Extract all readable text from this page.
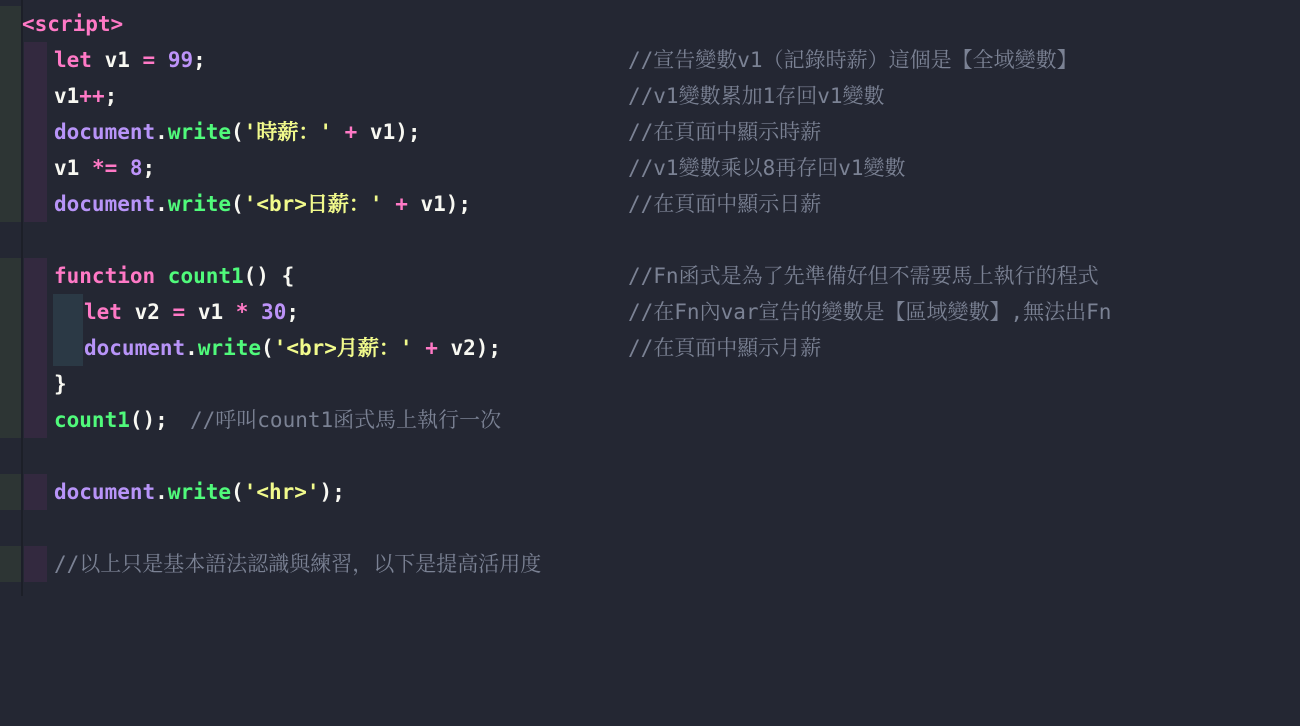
<script>

let v1 = 99;

	//宣告變數v1（記錄時薪）這個是【全域變數】

v1++;

	//v1變數累加1存回v1變數

document.write('時薪：' + v1);

	//在頁面中顯示時薪

v1 *= 8;

	//v1變數乘以8再存回v1變數

document.write('<br>日薪：' + v1);

	//在頁面中顯示日薪

function count1() {

	//Fn函式是為了先準備好但不需要馬上執行的程式

let v2 = v1 * 30;

	//在Fn內var宣告的變數是【區域變數】,無法出Fn

document.write('<br>月薪：' + v2);

	//在頁面中顯示月薪

}

count1();

//呼叫count1函式馬上執行一次

document.write('<hr>');

//以上只是基本語法認識與練習，以下是提高活用度
